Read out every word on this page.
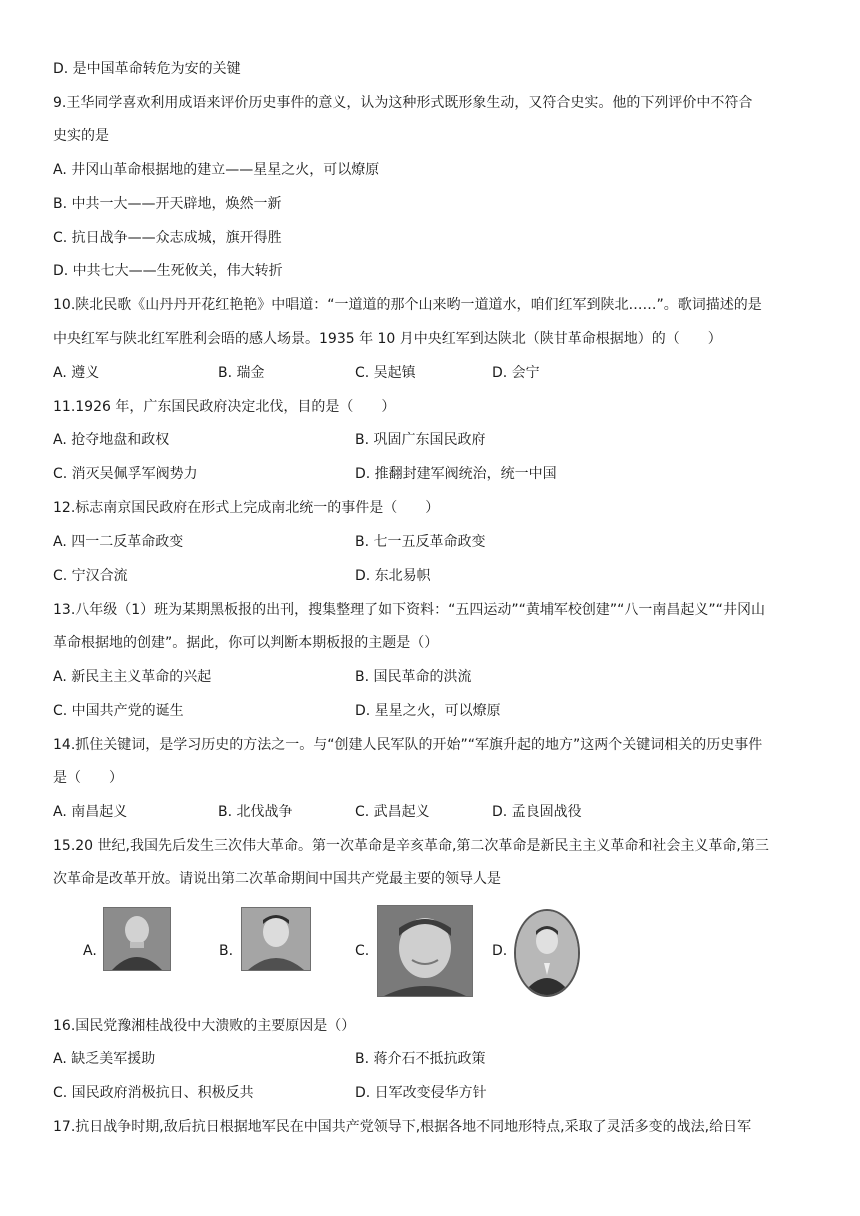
D. 是中国革命转危为安的关键
9.王华同学喜欢利用成语来评价历史事件的意义，认为这种形式既形象生动，又符合史实。他的下列评价中不符合
史实的是
A. 井冈山革命根据地的建立——星星之火，可以燎原
B. 中共一大——开天辟地，焕然一新
C. 抗日战争——众志成城，旗开得胜
D. 中共七大——生死攸关，伟大转折
10.陕北民歌《山丹丹开花红艳艳》中唱道：“一道道的那个山来哟一道道水，咱们红军到陕北……”。歌词描述的是
中央红军与陕北红军胜利会晤的感人场景。1935 年 10 月中央红军到达陕北（陕甘革命根据地）的（　　）
A. 遵义	B. 瑞金	C. 吴起镇	D. 会宁
11.1926 年，广东国民政府决定北伐，目的是（　　）
A. 抢夺地盘和政权	B. 巩固广东国民政府
C. 消灭吴佩孚军阀势力	D. 推翻封建军阀统治，统一中国
12.标志南京国民政府在形式上完成南北统一的事件是（　　）
A. 四一二反革命政变	B. 七一五反革命政变
C. 宁汉合流	D. 东北易帜
13.八年级（1）班为某期黑板报的出刊，搜集整理了如下资料：“五四运动”“黄埔军校创建”“八一南昌起义”“井冈山
革命根据地的创建”。据此，你可以判断本期板报的主题是（）
A. 新民主主义革命的兴起	B. 国民革命的洪流
C. 中国共产党的诞生	D. 星星之火，可以燎原
14.抓住关键词，是学习历史的方法之一。与“创建人民军队的开始”“军旗升起的地方”这两个关键词相关的历史事件
是（　　）
A. 南昌起义	B. 北伐战争	C. 武昌起义	D. 孟良固战役
15.20 世纪,我国先后发生三次伟大革命。第一次革命是辛亥革命,第二次革命是新民主主义革命和社会主义革命,第三
次革命是改革开放。请说出第二次革命期间中国共产党最主要的领导人是
A.	B.	C.	D.
16.国民党豫湘桂战役中大溃败的主要原因是（）
A. 缺乏美军援助	B. 蒋介石不抵抗政策
C. 国民政府消极抗日、积极反共	D. 日军改变侵华方针
17.抗日战争时期,敌后抗日根据地军民在中国共产党领导下,根据各地不同地形特点,采取了灵活多变的战法,给日军
